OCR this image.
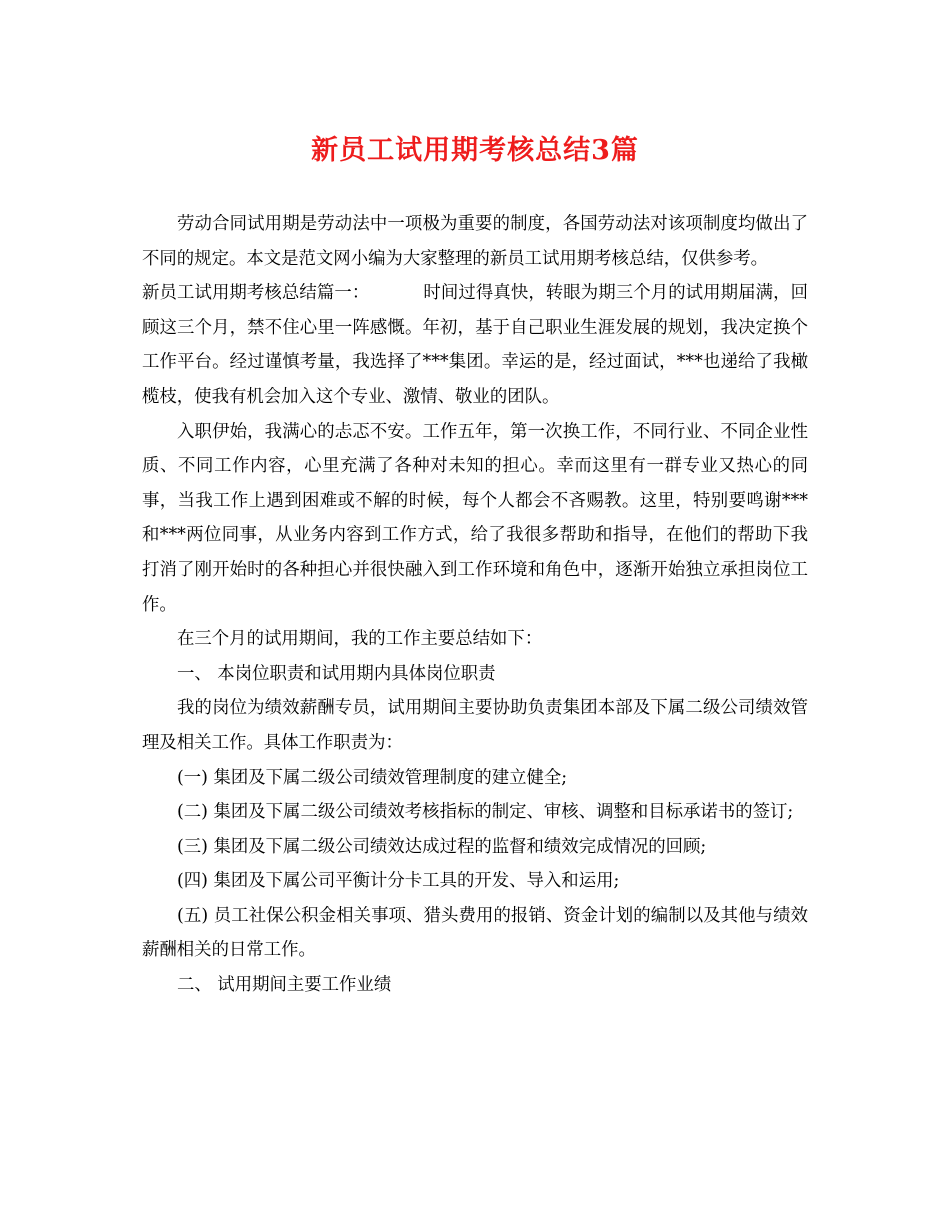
新员工试用期考核总结3篇

劳动合同试用期是劳动法中一项极为重要的制度，各国劳动法对该项制度均做出了不同的规定。本文是范文网小编为大家整理的新员工试用期考核总结，仅供参考。

新员工试用期考核总结篇一：	时间过得真快，转眼为期三个月的试用期届满，回顾这三个月，禁不住心里一阵感慨。年初，基于自己职业生涯发展的规划，我决定换个工作平台。经过谨慎考量，我选择了***集团。幸运的是，经过面试，***也递给了我橄榄枝，使我有机会加入这个专业、激情、敬业的团队。

入职伊始，我满心的忐忑不安。工作五年，第一次换工作，不同行业、不同企业性质、不同工作内容，心里充满了各种对未知的担心。幸而这里有一群专业又热心的同事，当我工作上遇到困难或不解的时候，每个人都会不吝赐教。这里，特别要鸣谢***和***两位同事，从业务内容到工作方式，给了我很多帮助和指导，在他们的帮助下我打消了刚开始时的各种担心并很快融入到工作环境和角色中，逐渐开始独立承担岗位工作。

在三个月的试用期间，我的工作主要总结如下：

一、 本岗位职责和试用期内具体岗位职责

我的岗位为绩效薪酬专员，试用期间主要协助负责集团本部及下属二级公司绩效管理及相关工作。具体工作职责为：

(一) 集团及下属二级公司绩效管理制度的建立健全;

(二) 集团及下属二级公司绩效考核指标的制定、审核、调整和目标承诺书的签订;

(三) 集团及下属二级公司绩效达成过程的监督和绩效完成情况的回顾;

(四) 集团及下属公司平衡计分卡工具的开发、导入和运用;

(五) 员工社保公积金相关事项、猎头费用的报销、资金计划的编制以及其他与绩效薪酬相关的日常工作。

二、 试用期间主要工作业绩
